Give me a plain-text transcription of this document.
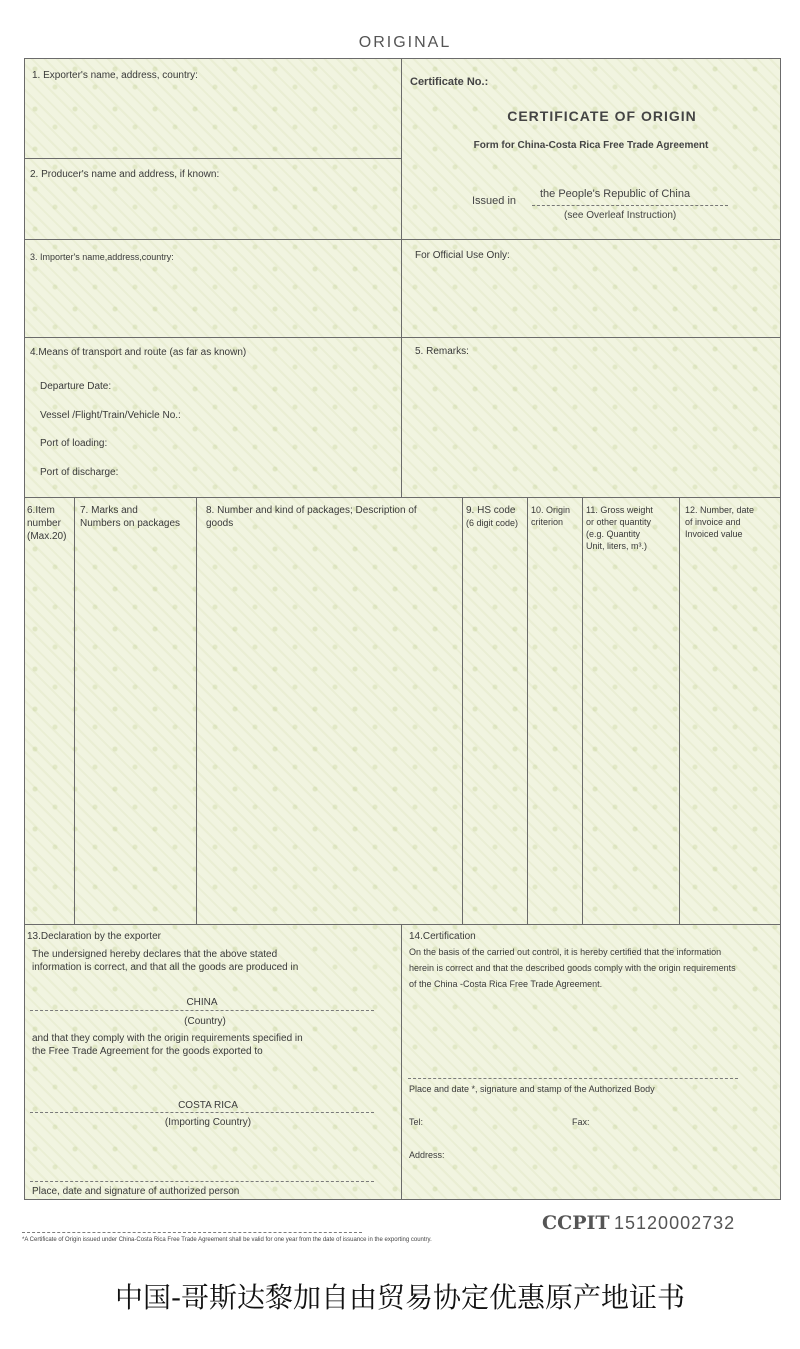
ORIGINAL
1. Exporter's name, address, country:
2. Producer's name and address, if known:
3. Importer's name,address,country:
Certificate No.:
CERTIFICATE OF ORIGIN
Form for China-Costa Rica Free Trade Agreement
Issued in
the People's Republic of China
(see Overleaf Instruction)
For Official Use Only:
4.Means of transport and route (as far as known)
Departure Date:
Vessel /Flight/Train/Vehicle No.:
Port of loading:
Port of discharge:
5. Remarks:
6.Item
number
(Max.20)
7. Marks and
Numbers on packages
8. Number and kind of packages; Description of
goods
9. HS code
(6 digit code)
10. Origin
criterion
11. Gross weight
or other quantity
(e.g. Quantity
Unit, liters, m³.)
12. Number, date
of invoice and
Invoiced value
13.Declaration by the exporter
The undersigned hereby declares that the above stated
information is correct, and that all the goods are produced in
CHINA
(Country)
and that they comply with the origin requirements specified in
the Free Trade Agreement for the goods exported to
COSTA RICA
(Importing Country)
Place, date and signature of authorized person
14.Certification
On the basis of the carried out control, it is hereby certified that the information
herein is correct and that the described goods comply with the origin requirements
of the China -Costa Rica Free Trade Agreement.
Place and date *, signature and stamp of the Authorized Body
Tel:	Fax:
Address:
*A Certificate of Origin issued under China-Costa Rica Free Trade Agreement shall be valid for one year from the date of issuance in the exporting country.
CCPIT 15120002732
中国-哥斯达黎加自由贸易协定优惠原产地证书
